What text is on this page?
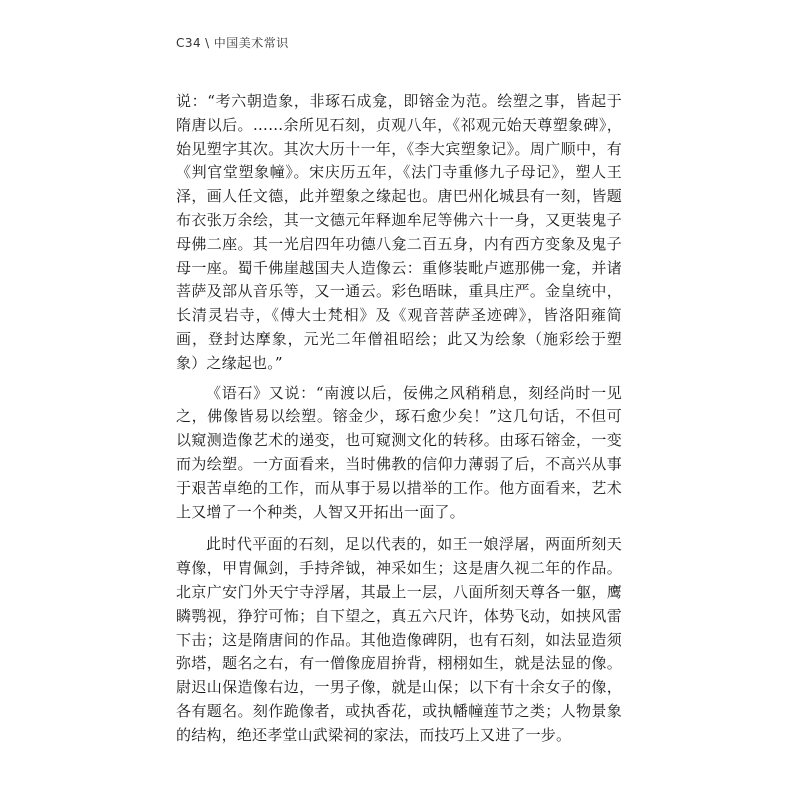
C34 \ 中国美术常识

说：“考六朝造象，非琢石成龛，即镕金为范。绘塑之事，皆起于隋唐以后。……余所见石刻，贞观八年，《祁观元始天尊塑象碑》，始见塑字其次。其次大历十一年，《李大宾塑象记》。周广顺中，有《判官堂塑象幢》。宋庆历五年，《法门寺重修九子母记》，塑人王泽，画人任文德，此并塑象之缘起也。唐巴州化城县有一刻，皆题布衣张万余绘，其一文德元年释迦牟尼等佛六十一身，又更装鬼子母佛二座。其一光启四年功德八龛二百五身，内有西方变象及鬼子母一座。蜀千佛崖越国夫人造像云：重修装毗卢遮那佛一龛，并诸菩萨及部从音乐等，又一通云。彩色晤昧，重具庄严。金皇统中，长清灵岩寺，《傅大士梵相》及《观音菩萨圣迹碑》，皆洛阳雍简画，登封达摩象，元光二年僧祖昭绘；此又为绘象（施彩绘于塑象）之缘起也。”

《语石》又说：“南渡以后，佞佛之风稍稍息，刻经尚时一见之，佛像皆易以绘塑。镕金少，琢石愈少矣！”这几句话，不但可以窥测造像艺术的递变，也可窥测文化的转移。由琢石镕金，一变而为绘塑。一方面看来，当时佛教的信仰力薄弱了后，不高兴从事于艰苦卓绝的工作，而从事于易以措举的工作。他方面看来，艺术上又增了一个种类，人智又开拓出一面了。

此时代平面的石刻，足以代表的，如王一娘浮屠，两面所刻天尊像，甲胄佩剑，手持斧钺，神采如生；这是唐久视二年的作品。北京广安门外天宁寺浮屠，其最上一层，八面所刻天尊各一躯，鹰瞵鹗视，狰狞可怖；自下望之，真五六尺许，体势飞动，如挟风雷下击；这是隋唐间的作品。其他造像碑阴，也有石刻，如法显造须弥塔，题名之右，有一僧像庞眉拚背，栩栩如生，就是法显的像。尉迟山保造像右边，一男子像，就是山保；以下有十余女子的像，各有题名。刻作跪像者，或执香花，或执幡幢莲节之类；人物景象的结构，绝还孝堂山武梁祠的家法，而技巧上又进了一步。
